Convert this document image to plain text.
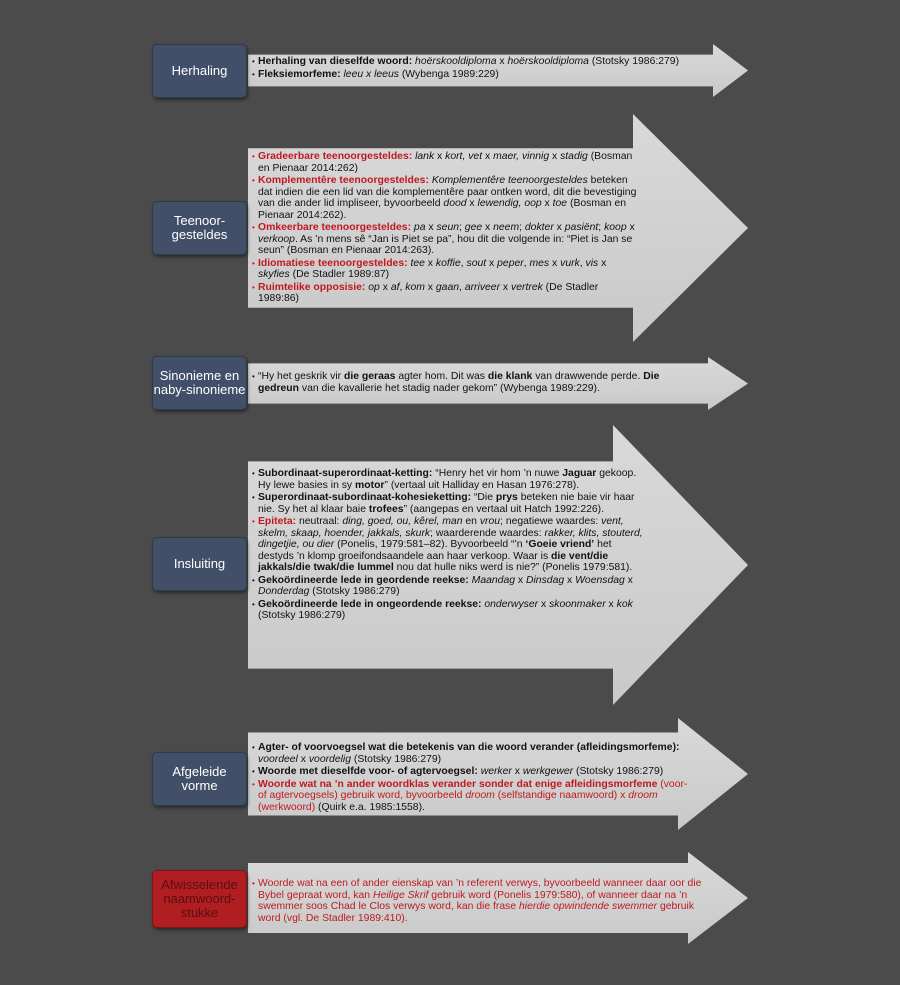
Herhaling
• Herhaling van dieselfde woord: hoërskooldiploma x hoërskooldiploma (Stotsky 1986:279)
• Fleksiemorfeme: leeu x leeus (Wybenga 1989:229)
Teenoor-gesteldes
• Gradeerbare teenoorgesteldes: lank x kort, vet x maer, vinnig x stadig (Bosman en Pienaar 2014:262)
• Komplementêre teenoorgesteldes: Komplementêre teenoorgesteldes beteken dat indien die een lid van die komplementêre paar ontken word, dit die bevestiging van die ander lid impliseer, byvoorbeeld dood x lewendig, oop x toe (Bosman en Pienaar 2014:262).
• Omkeerbare teenoorgesteldes: pa x seun; gee x neem; dokter x pasiënt; koop x verkoop. As ’n mens sê “Jan is Piet se pa”, hou dit die volgende in: “Piet is Jan se seun” (Bosman en Pienaar 2014:263).
• Idiomatiese teenoorgesteldes: tee x koffie, sout x peper, mes x vurk, vis x skyfies (De Stadler 1989:87)
• Ruimtelike opposisie: op x af, kom x gaan, arriveer x vertrek (De Stadler 1989:86)
Sinonieme en naby-sinonieme
• “Hy het geskrik vir die geraas agter hom. Dit was die klank van drawwende perde. Die gedreun van die kavallerie het stadig nader gekom” (Wybenga 1989:229).
Insluiting
• Subordinaat-superordinaat-ketting: “Henry het vir hom ’n nuwe Jaguar gekoop. Hy lewe basies in sy motor” (vertaal uit Halliday en Hasan 1976:278).
• Superordinaat-subordinaat-kohesieketting: “Die prys beteken nie baie vir haar nie. Sy het al klaar baie trofees” (aangepas en vertaal uit Hatch 1992:226).
• Epiteta: neutraal: ding, goed, ou, kêrel, man en vrou; negatiewe waardes: vent, skelm, skaap, hoender, jakkals, skurk; waarderende waardes: rakker, klits, stouterd, dingetjie, ou dier (Ponelis, 1979:581–82). Byvoorbeeld “’n ‘Goeie vriend’ het destyds ’n klomp groeifondsaandele aan haar verkoop. Waar is die vent/die jakkals/die twak/die lummel nou dat hulle niks werd is nie?” (Ponelis 1979:581).
• Gekoördineerde lede in geordende reekse: Maandag x Dinsdag x Woensdag x Donderdag (Stotsky 1986:279)
• Gekoördineerde lede in ongeordende reekse: onderwyser x skoonmaker x kok (Stotsky 1986:279)
Afgeleide vorme
• Agter- of voorvoegsel wat die betekenis van die woord verander (afleidingsmorfeme): voordeel x voordelig (Stotsky 1986:279)
• Woorde met dieselfde voor- of agtervoegsel: werker x werkgewer (Stotsky 1986:279)
• Woorde wat na ’n ander woordklas verander sonder dat enige afleidingsmorfeme (voor- of agtervoegsels) gebruik word, byvoorbeeld droom (selfstandige naamwoord) x droom (werkwoord) (Quirk e.a. 1985:1558).
Afwisselende naamwoord-stukke
• Woorde wat na een of ander eienskap van ’n referent verwys, byvoorbeeld wanneer daar oor die Bybel gepraat word, kan Heilige Skrif gebruik word (Ponelis 1979:580), of wanneer daar na ’n swemmer soos Chad le Clos verwys word, kan die frase hierdie opwindende swemmer gebruik word (vgl. De Stadler 1989:410).
